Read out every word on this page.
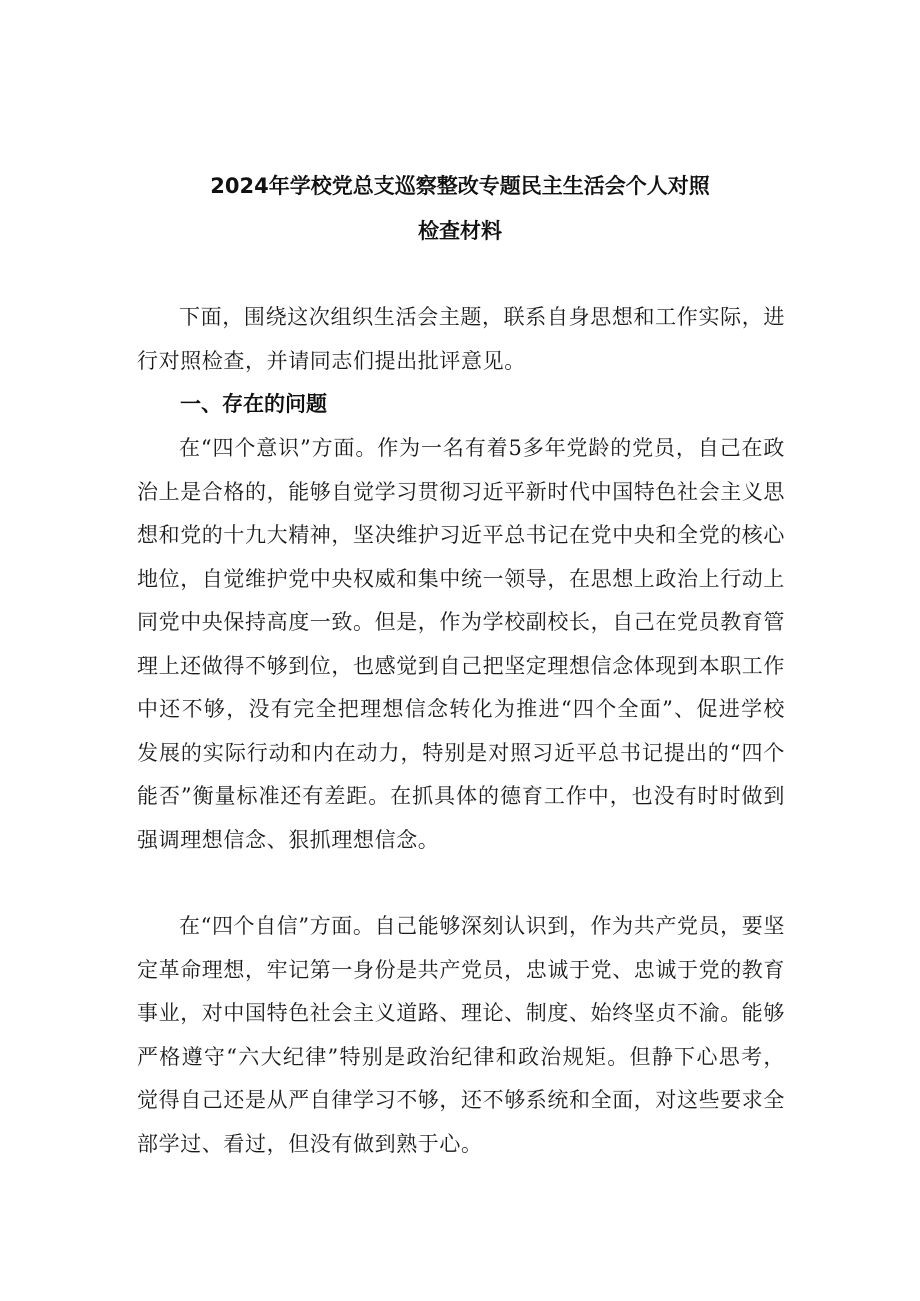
2024年学校党总支巡察整改专题民主生活会个人对照
检查材料

下面，围绕这次组织生活会主题，联系自身思想和工作实际，进行对照检查，并请同志们提出批评意见。

一、存在的问题

在“四个意识”方面。作为一名有着5多年党龄的党员，自己在政治上是合格的，能够自觉学习贯彻习近平新时代中国特色社会主义思想和党的十九大精神，坚决维护习近平总书记在党中央和全党的核心地位，自觉维护党中央权威和集中统一领导，在思想上政治上行动上同党中央保持高度一致。但是，作为学校副校长，自己在党员教育管理上还做得不够到位，也感觉到自己把坚定理想信念体现到本职工作中还不够，没有完全把理想信念转化为推进“四个全面”、促进学校发展的实际行动和内在动力，特别是对照习近平总书记提出的“四个能否”衡量标准还有差距。在抓具体的德育工作中，也没有时时做到强调理想信念、狠抓理想信念。

在“四个自信”方面。自己能够深刻认识到，作为共产党员，要坚定革命理想，牢记第一身份是共产党员，忠诚于党、忠诚于党的教育事业，对中国特色社会主义道路、理论、制度、始终坚贞不渝。能够严格遵守“六大纪律”特别是政治纪律和政治规矩。但静下心思考，觉得自己还是从严自律学习不够，还不够系统和全面，对这些要求全部学过、看过，但没有做到熟于心。
